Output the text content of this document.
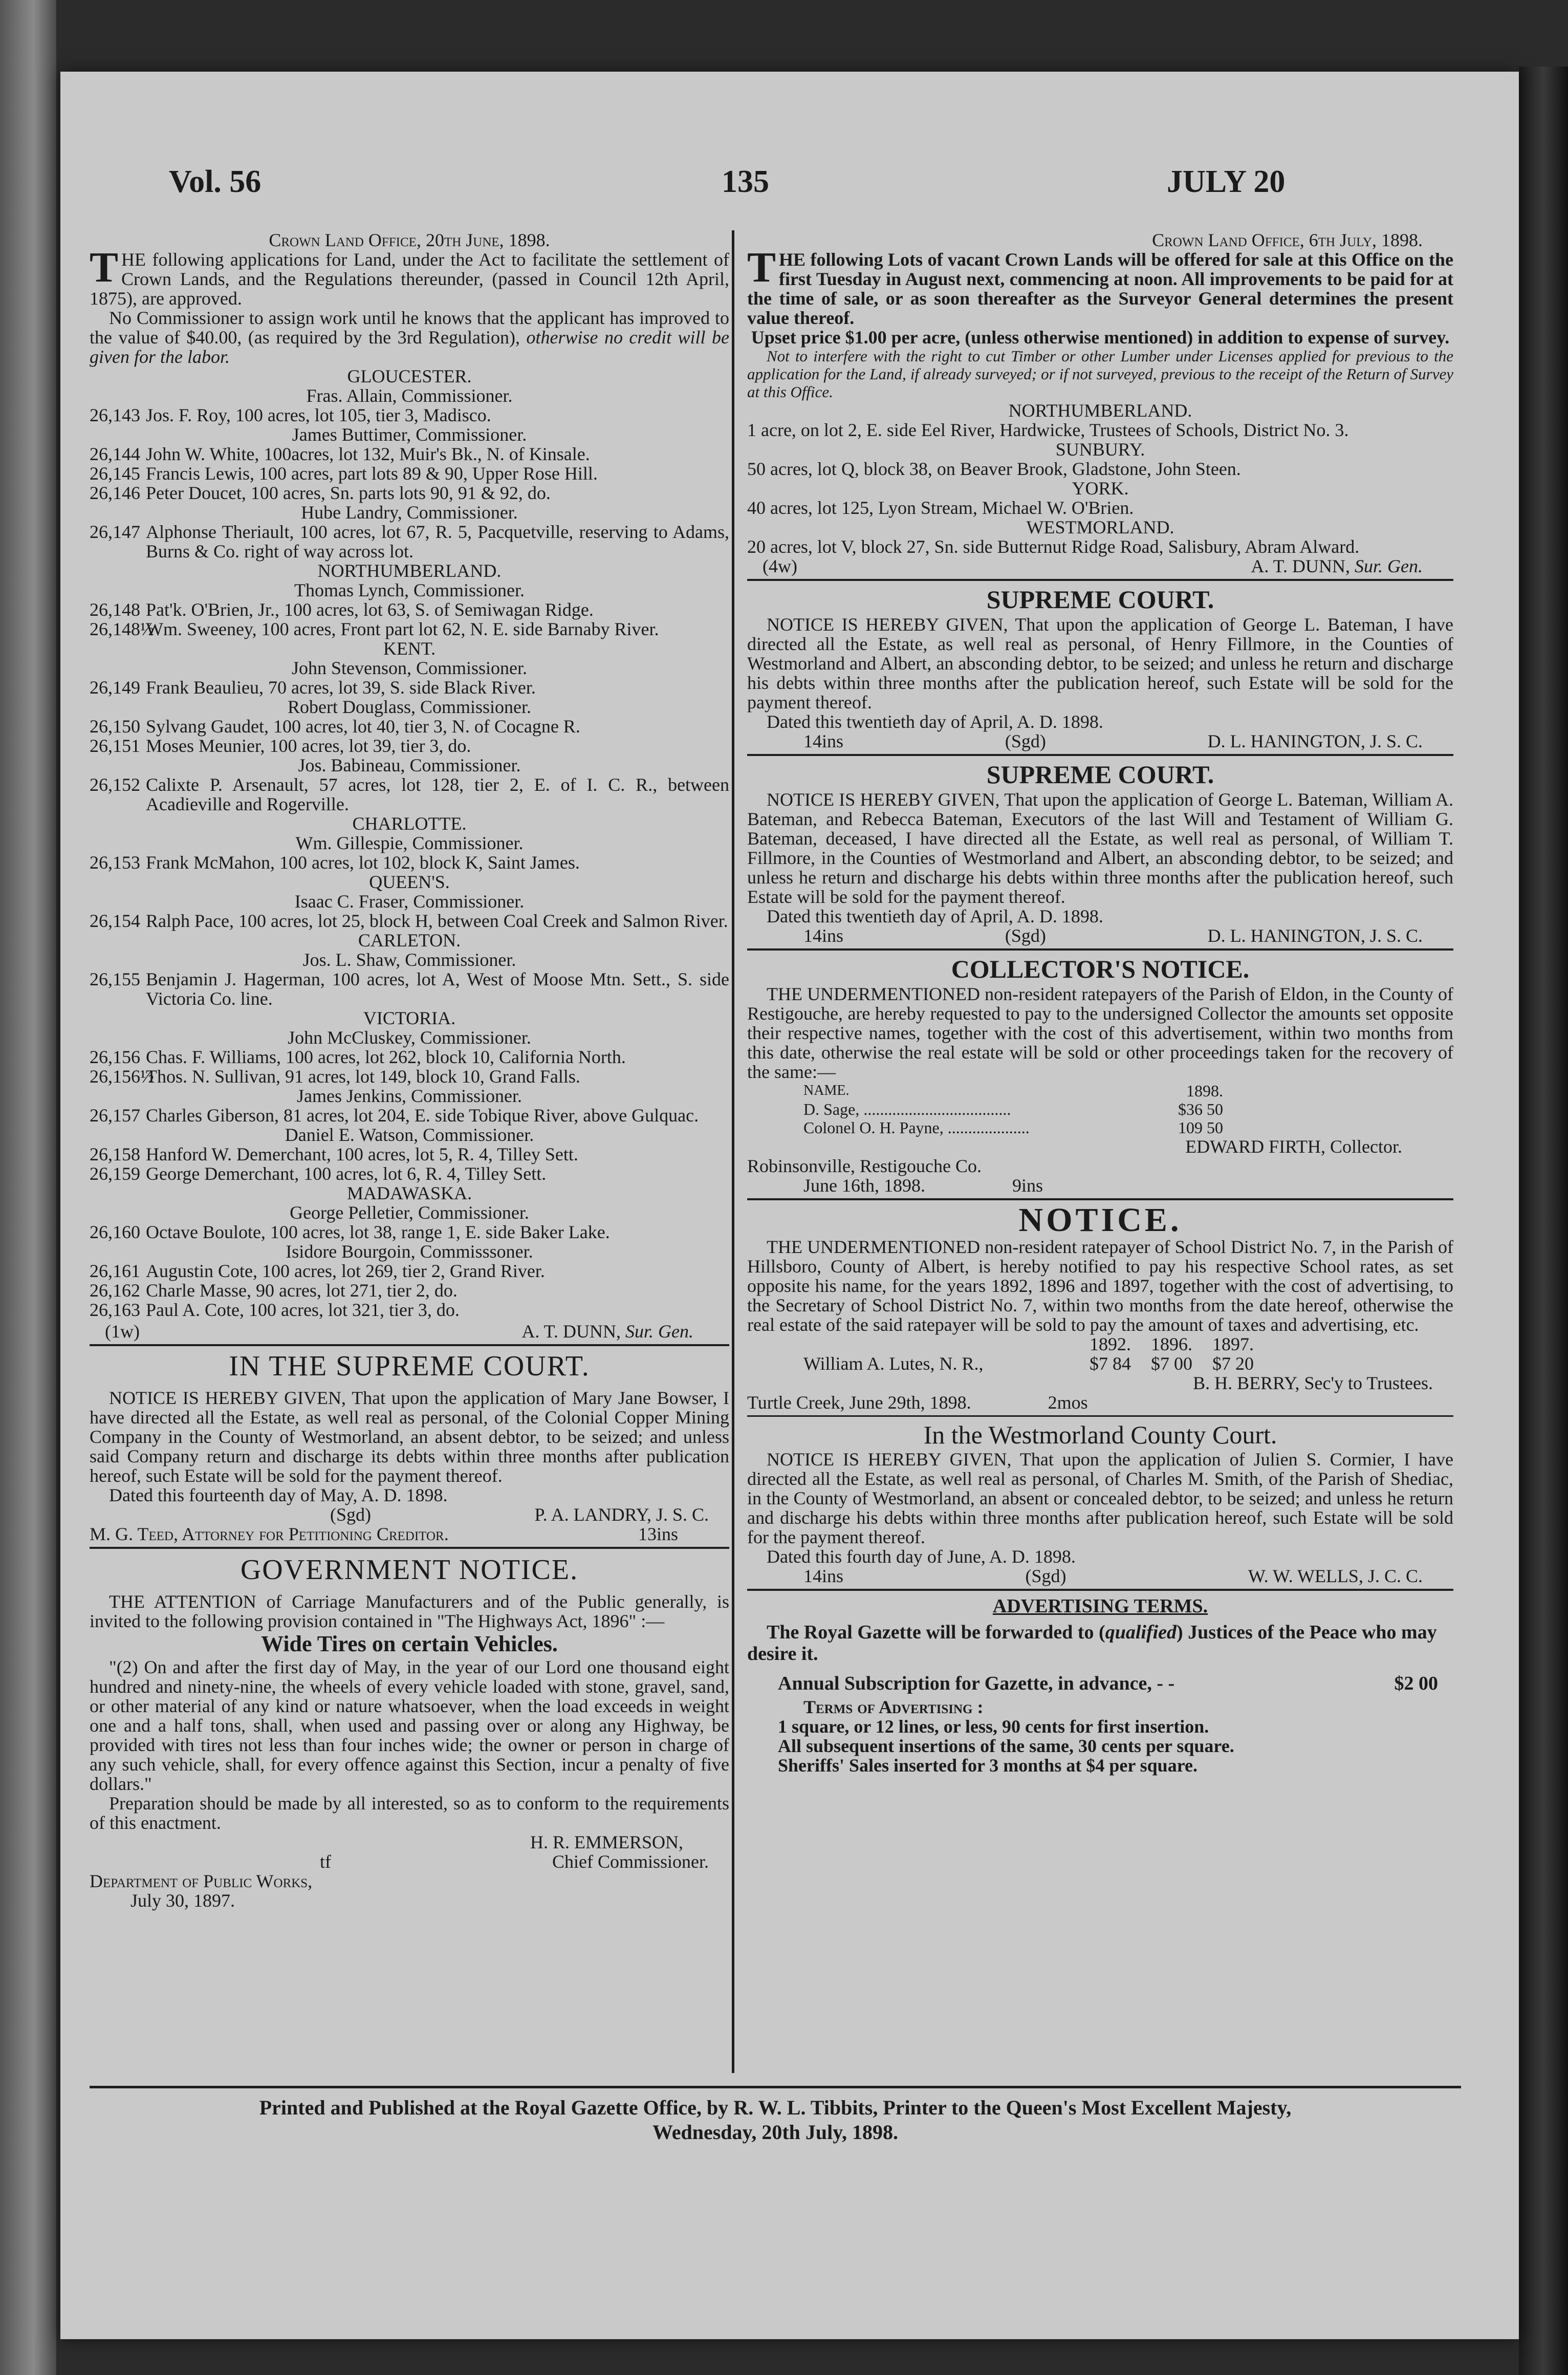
Vol. 56	135	JULY 20

Crown Land Office, 20th June, 1898.

T HE following applications for Land, under the Act to facilitate the settlement of Crown Lands, and the Regulations thereunder, (passed in Council 12th April, 1875), are approved.

No Commissioner to assign work until he knows that the applicant has improved to the value of $40.00, (as required by the 3rd Regulation), otherwise no credit will be given for the labor.

GLOUCESTER.

Fras. Allain, Commissioner.

26,143 Jos. F. Roy, 100 acres, lot 105, tier 3, Madisco.

James Buttimer, Commissioner.

26,144 John W. White, 100acres, lot 132, Muir's Bk., N. of Kinsale.
26,145 Francis Lewis, 100 acres, part lots 89 & 90, Upper Rose Hill.
26,146 Peter Doucet, 100 acres, Sn. parts lots 90, 91 & 92, do.

Hube Landry, Commissioner.

26,147 Alphonse Theriault, 100 acres, lot 67, R. 5, Pacquetville, reserving to Adams, Burns & Co. right of way across lot.

NORTHUMBERLAND.

Thomas Lynch, Commissioner.

26,148 Pat'k. O'Brien, Jr., 100 acres, lot 63, S. of Semiwagan Ridge.
26,148½
Wm. Sweeney, 100 acres, Front part lot 62, N. E. side Barnaby River.

KENT.

John Stevenson, Commissioner.

26,149 Frank Beaulieu, 70 acres, lot 39, S. side Black River.

Robert Douglass, Commissioner.

26,150 Sylvang Gaudet, 100 acres, lot 40, tier 3, N. of Cocagne R.
26,151 Moses Meunier, 100 acres, lot 39, tier 3, do.

Jos. Babineau, Commissioner.

26,152 Calixte P. Arsenault, 57 acres, lot 128, tier 2, E. of I. C. R., between Acadieville and Rogerville.

CHARLOTTE.

Wm. Gillespie, Commissioner.

26,153 Frank McMahon, 100 acres, lot 102, block K, Saint James.

QUEEN'S.

Isaac C. Fraser, Commissioner.

26,154 Ralph Pace, 100 acres, lot 25, block H, between Coal Creek and Salmon River.

CARLETON.

Jos. L. Shaw, Commissioner.

26,155 Benjamin J. Hagerman, 100 acres, lot A, West of Moose Mtn. Sett., S. side Victoria Co. line.

VICTORIA.

John McCluskey, Commissioner.

26,156 Chas. F. Williams, 100 acres, lot 262, block 10, California North.
26,156½
Thos. N. Sullivan, 91 acres, lot 149, block 10, Grand Falls.

James Jenkins, Commissioner.

26,157 Charles Giberson, 81 acres, lot 204, E. side Tobique River, above Gulquac.

Daniel E. Watson, Commissioner.

26,158 Hanford W. Demerchant, 100 acres, lot 5, R. 4, Tilley Sett.
26,159 George Demerchant, 100 acres, lot 6, R. 4, Tilley Sett.

MADAWASKA.

George Pelletier, Commissioner.

26,160 Octave Boulote, 100 acres, lot 38, range 1, E. side Baker Lake.

Isidore Bourgoin, Commisssoner.

26,161 Augustin Cote, 100 acres, lot 269, tier 2, Grand River.
26,162 Charle Masse, 90 acres, lot 271, tier 2, do.
26,163 Paul A. Cote, 100 acres, lot 321, tier 3, do.
(1w)	A. T. DUNN, Sur. Gen.

IN THE SUPREME COURT.

NOTICE IS HEREBY GIVEN, That upon the application of Mary Jane Bowser, I have directed all the Estate, as well real as personal, of the Colonial Copper Mining Company in the County of Westmorland, an absent debtor, to be seized; and unless said Company return and discharge its debts within three months after publication hereof, such Estate will be sold for the payment thereof.

Dated this fourteenth day of May, A. D. 1898.

(Sgd)	P. A. LANDRY, J. S. C.
M. G. Teed, Attorney for Petitioning Creditor.	13ins

GOVERNMENT NOTICE.

THE ATTENTION of Carriage Manufacturers and of the Public generally, is invited to the following provision contained in "The Highways Act, 1896" :—

Wide Tires on certain Vehicles.

"(2) On and after the first day of May, in the year of our Lord one thousand eight hundred and ninety-nine, the wheels of every vehicle loaded with stone, gravel, sand, or other material of any kind or nature whatsoever, when the load exceeds in weight one and a half tons, shall, when used and passing over or along any Highway, be provided with tires not less than four inches wide; the owner or person in charge of any such vehicle, shall, for every offence against this Section, incur a penalty of five dollars."

Preparation should be made by all interested, so as to conform to the requirements of this enactment.

H. R. EMMERSON,

tf	Chief Commissioner.

Department of Public Works,

July 30, 1897.

Crown Land Office, 6th July, 1898.

T HE following Lots of vacant Crown Lands will be offered for sale at this Office on the first Tuesday in August next, commencing at noon. All improvements to be paid for at the time of sale, or as soon thereafter as the Surveyor General determines the present value thereof.

Upset price $1.00 per acre, (unless otherwise mentioned) in addition to expense of survey.

Not to interfere with the right to cut Timber or other Lumber under Licenses applied for previous to the application for the Land, if already surveyed; or if not surveyed, previous to the receipt of the Return of Survey at this Office.

NORTHUMBERLAND.

1 acre, on lot 2, E. side Eel River, Hardwicke, Trustees of Schools, District No. 3.

SUNBURY.

50 acres, lot Q, block 38, on Beaver Brook, Gladstone, John Steen.

YORK.

40 acres, lot 125, Lyon Stream, Michael W. O'Brien.

WESTMORLAND.

20 acres, lot V, block 27, Sn. side Butternut Ridge Road, Salisbury, Abram Alward.

(4w)	A. T. DUNN, Sur. Gen.

SUPREME COURT.

NOTICE IS HEREBY GIVEN, That upon the application of George L. Bateman, I have directed all the Estate, as well real as personal, of Henry Fillmore, in the Counties of Westmorland and Albert, an absconding debtor, to be seized; and unless he return and discharge his debts within three months after the publication hereof, such Estate will be sold for the payment thereof.

Dated this twentieth day of April, A. D. 1898.

14ins	(Sgd)	D. L. HANINGTON, J. S. C.

SUPREME COURT.

NOTICE IS HEREBY GIVEN, That upon the application of George L. Bateman, William A. Bateman, and Rebecca Bateman, Executors of the last Will and Testament of William G. Bateman, deceased, I have directed all the Estate, as well real as personal, of William T. Fillmore, in the Counties of Westmorland and Albert, an absconding debtor, to be seized; and unless he return and discharge his debts within three months after the publication hereof, such Estate will be sold for the payment thereof.

Dated this twentieth day of April, A. D. 1898.

14ins	(Sgd)	D. L. HANINGTON, J. S. C.

COLLECTOR'S NOTICE.

THE UNDERMENTIONED non-resident ratepayers of the Parish of Eldon, in the County of Restigouche, are hereby requested to pay to the undersigned Collector the amounts set opposite their respective names, together with the cost of this advertisement, within two months from this date, otherwise the real estate will be sold or other proceedings taken for the recovery of the same:—

NAME.	1898.
D. Sage, ....................................	$36 50
Colonel O. H. Payne, ....................	109 50

EDWARD FIRTH, Collector.

Robinsonville, Restigouche Co.

June 16th, 1898.	9ins

NOTICE.

THE UNDERMENTIONED non-resident ratepayer of School District No. 7, in the Parish of Hillsboro, County of Albert, is hereby notified to pay his respective School rates, as set opposite his name, for the years 1892, 1896 and 1897, together with the cost of advertising, to the Secretary of School District No. 7, within two months from the date hereof, otherwise the real estate of the said ratepayer will be sold to pay the amount of taxes and advertising, etc.

1892.	1896.	1897.
William A. Lutes, N. R.,	$7 84	$7 00	$7 20

B. H. BERRY, Sec'y to Trustees.

Turtle Creek, June 29th, 1898.	2mos

In the Westmorland County Court.

NOTICE IS HEREBY GIVEN, That upon the application of Julien S. Cormier, I have directed all the Estate, as well real as personal, of Charles M. Smith, of the Parish of Shediac, in the County of Westmorland, an absent or concealed debtor, to be seized; and unless he return and discharge his debts within three months after publication hereof, such Estate will be sold for the payment thereof.

Dated this fourth day of June, A. D. 1898.

14ins	(Sgd)	W. W. WELLS, J. C. C.

ADVERTISING TERMS.

The Royal Gazette will be forwarded to (qualified) Justices of the Peace who may desire it.

Annual Subscription for Gazette, in advance, - -	$2 00

Terms of Advertising :

1 square, or 12 lines, or less, 90 cents for first insertion.

All subsequent insertions of the same, 30 cents per square.

Sheriffs' Sales inserted for 3 months at $4 per square.

Printed and Published at the Royal Gazette Office, by R. W. L. Tibbits, Printer to the Queen's Most Excellent Majesty,
Wednesday, 20th July, 1898.
